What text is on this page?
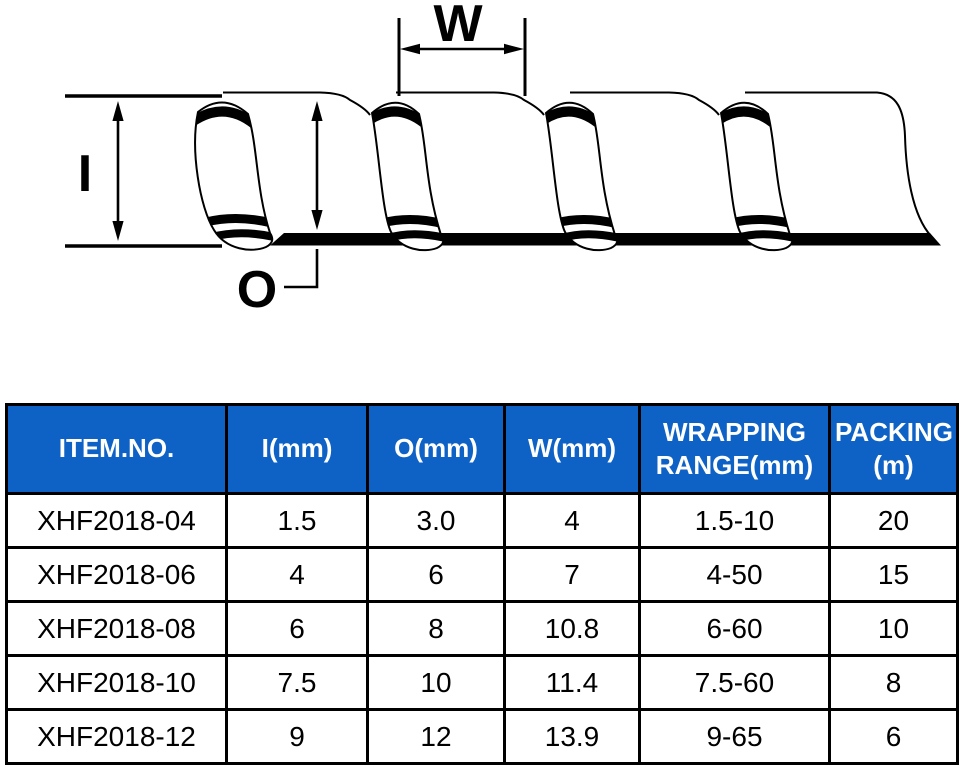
W
I
O
ITEM.NO.	I(mm)	O(mm)	W(mm)	WRAPPING RANGE(mm)	PACKING (m)
XHF2018-04	1.5	3.0	4	1.5-10	20
XHF2018-06	4	6	7	4-50	15
XHF2018-08	6	8	10.8	6-60	10
XHF2018-10	7.5	10	11.4	7.5-60	8
XHF2018-12	9	12	13.9	9-65	6
